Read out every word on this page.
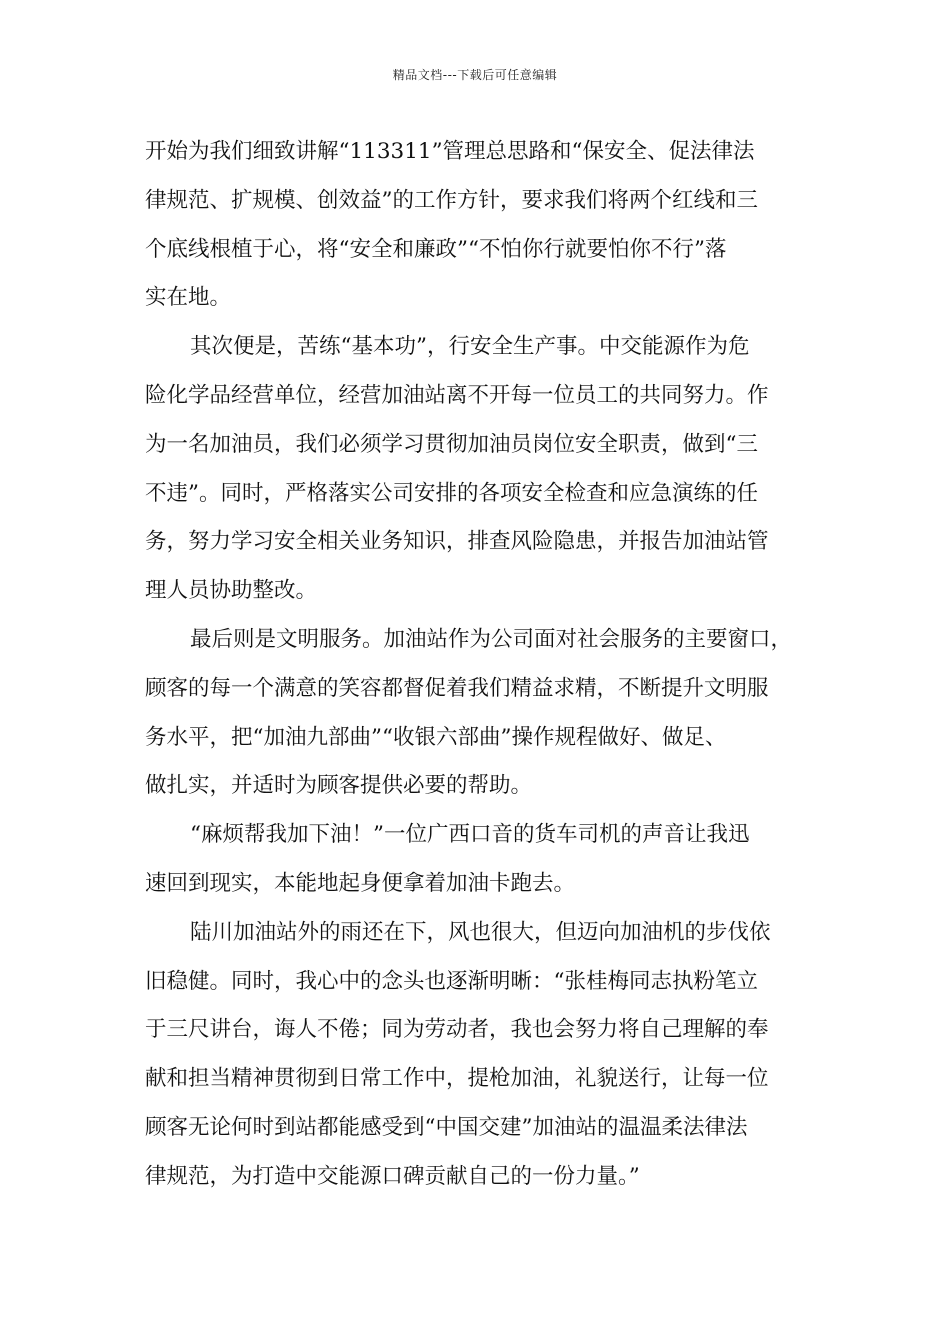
精品文档---下载后可任意编辑
开始为我们细致讲解“113311”管理总思路和“保安全、促法律法
律规范、扩规模、创效益”的工作方针，要求我们将两个红线和三
个底线根植于心，将“安全和廉政”“不怕你行就要怕你不行”落
实在地。
其次便是，苦练“基本功”，行安全生产事。中交能源作为危
险化学品经营单位，经营加油站离不开每一位员工的共同努力。作
为一名加油员，我们必须学习贯彻加油员岗位安全职责，做到“三
不违”。同时，严格落实公司安排的各项安全检查和应急演练的任
务，努力学习安全相关业务知识，排查风险隐患，并报告加油站管
理人员协助整改。
最后则是文明服务。加油站作为公司面对社会服务的主要窗口，
顾客的每一个满意的笑容都督促着我们精益求精，不断提升文明服
务水平，把“加油九部曲”“收银六部曲”操作规程做好、做足、
做扎实，并适时为顾客提供必要的帮助。
“麻烦帮我加下油！”一位广西口音的货车司机的声音让我迅
速回到现实，本能地起身便拿着加油卡跑去。
陆川加油站外的雨还在下，风也很大，但迈向加油机的步伐依
旧稳健。同时，我心中的念头也逐渐明晰：“张桂梅同志执粉笔立
于三尺讲台，诲人不倦；同为劳动者，我也会努力将自己理解的奉
献和担当精神贯彻到日常工作中，提枪加油，礼貌送行，让每一位
顾客无论何时到站都能感受到“中国交建”加油站的温温柔法律法
律规范，为打造中交能源口碑贡献自己的一份力量。”
